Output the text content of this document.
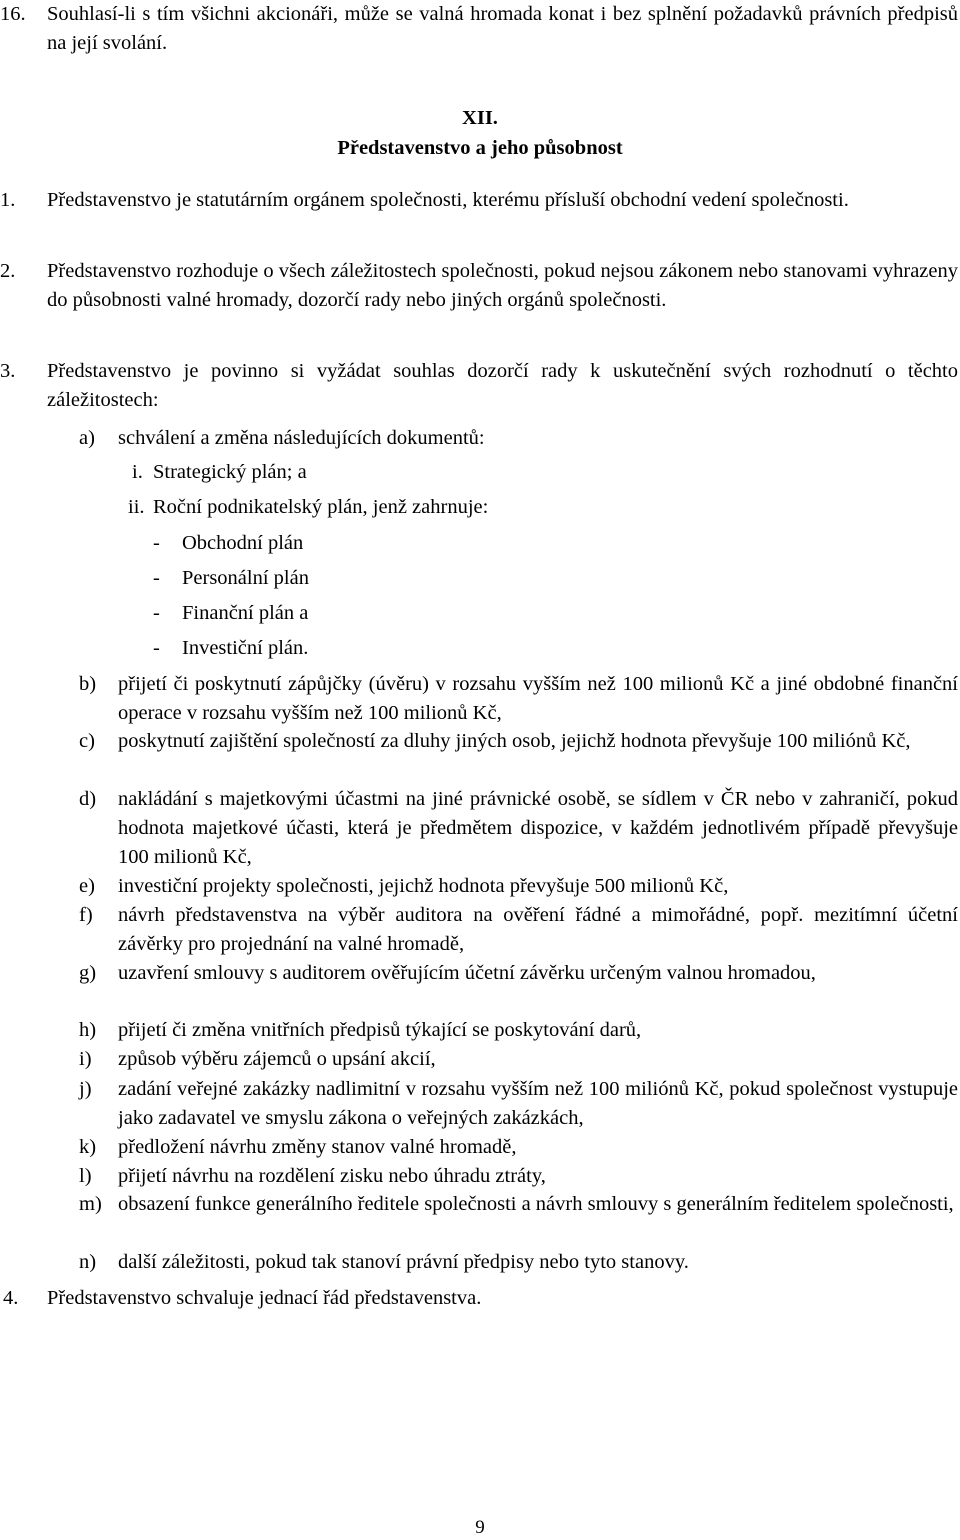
16.	Souhlasí-li s tím všichni akcionáři, může se valná hromada konat i bez splnění požadavků právních předpisů na její svolání.

XII.

Představenstvo a jeho působnost

1.	Představenstvo je statutárním orgánem společnosti, kterému přísluší obchodní vedení společnosti.
2.	Představenstvo rozhoduje o všech záležitostech společnosti, pokud nejsou zákonem nebo stanovami vyhrazeny do působnosti valné hromady, dozorčí rady nebo jiných orgánů společnosti.
3.	Představenstvo je povinno si vyžádat souhlas dozorčí rady k uskutečnění svých rozhodnutí o těchto záležitostech:
a)	schválení a změna následujících dokumentů:
i. Strategický plán; a
ii. Roční podnikatelský plán, jenž zahrnuje:
- Obchodní plán
- Personální plán
- Finanční plán a
- Investiční plán.
b)	přijetí či poskytnutí zápůjčky (úvěru) v rozsahu vyšším než 100 milionů Kč a jiné obdobné finanční operace v rozsahu vyšším než 100 milionů Kč,
c)	poskytnutí zajištění společností za dluhy jiných osob, jejichž hodnota převyšuje 100 miliónů Kč,
d)	nakládání s majetkovými účastmi na jiné právnické osobě, se sídlem v ČR nebo v zahraničí, pokud hodnota majetkové účasti, která je předmětem dispozice, v každém jednotlivém případě převyšuje 100 milionů Kč,
e)	investiční projekty společnosti, jejichž hodnota převyšuje 500 milionů Kč,
f)	návrh představenstva na výběr auditora na ověření řádné a mimořádné, popř. mezitímní účetní závěrky pro projednání na valné hromadě,
g)	uzavření smlouvy s auditorem ověřujícím účetní závěrku určeným valnou hromadou,
h)	přijetí či změna vnitřních předpisů týkající se poskytování darů,
i)	způsob výběru zájemců o upsání akcií,
j)	zadání veřejné zakázky nadlimitní v rozsahu vyšším než 100 miliónů Kč, pokud společnost vystupuje jako zadavatel ve smyslu zákona o veřejných zakázkách,
k)	předložení návrhu změny stanov valné hromadě,
l)	přijetí návrhu na rozdělení zisku nebo úhradu ztráty,
m) obsazení funkce generálního ředitele společnosti a návrh smlouvy s generálním ředitelem společnosti,
n)	další záležitosti, pokud tak stanoví právní předpisy nebo tyto stanovy.
4.	Představenstvo schvaluje jednací řád představenstva.
9
